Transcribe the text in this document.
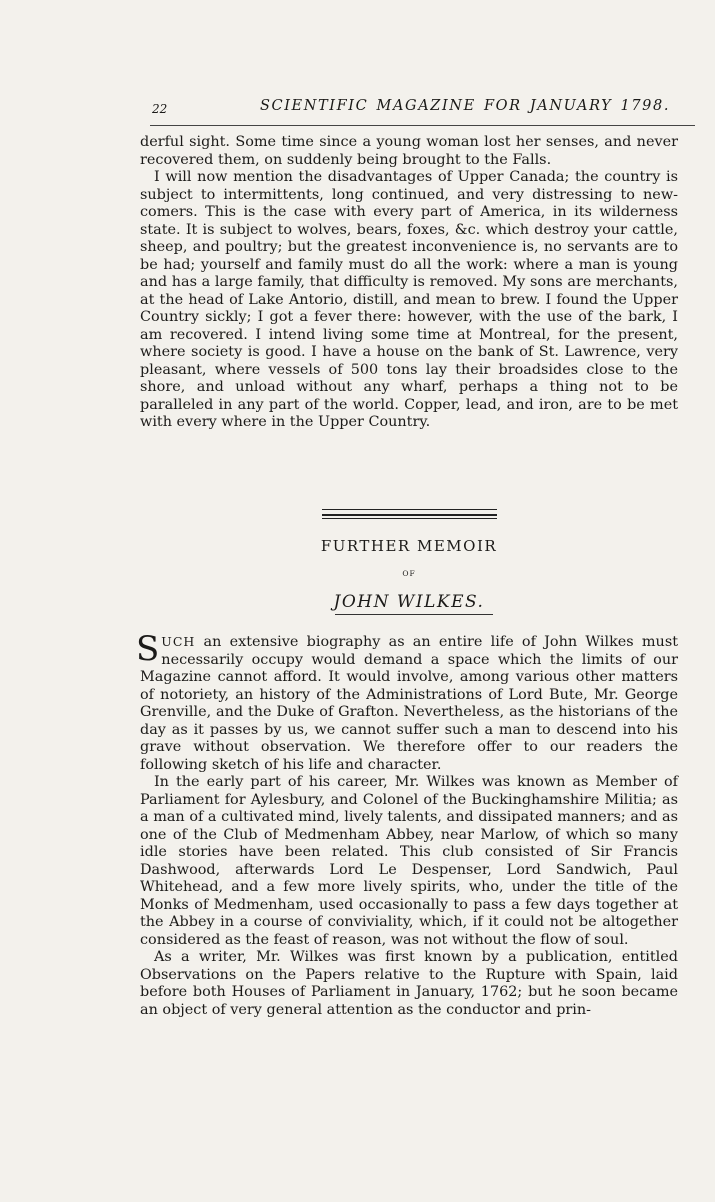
22	SCIENTIFIC MAGAZINE FOR JANUARY 1798.

derful sight. Some time since a young woman lost her senses, and never recovered them, on suddenly being brought to the Falls.

I will now mention the disadvantages of Upper Canada; the country is subject to intermittents, long continued, and very distressing to new-comers. This is the case with every part of America, in its wilderness state. It is subject to wolves, bears, foxes, &c. which destroy your cattle, sheep, and poultry; but the greatest inconvenience is, no servants are to be had; yourself and family must do all the work: where a man is young and has a large family, that difficulty is removed. My sons are merchants, at the head of Lake Antorio, distill, and mean to brew. I found the Upper Country sickly; I got a fever there: however, with the use of the bark, I am recovered. I intend living some time at Montreal, for the present, where society is good. I have a house on the bank of St. Lawrence, very pleasant, where vessels of 500 tons lay their broadsides close to the shore, and unload without any wharf, perhaps a thing not to be paralleled in any part of the world. Copper, lead, and iron, are to be met with every where in the Upper Country.

FURTHER MEMOIR
OF
JOHN WILKES.

SUCH an extensive biography as an entire life of John Wilkes must necessarily occupy would demand a space which the limits of our Magazine cannot afford. It would involve, among various other matters of notoriety, an history of the Administrations of Lord Bute, Mr. George Grenville, and the Duke of Grafton. Nevertheless, as the historians of the day as it passes by us, we cannot suffer such a man to descend into his grave without observation. We therefore offer to our readers the following sketch of his life and character.

In the early part of his career, Mr. Wilkes was known as Member of Parliament for Aylesbury, and Colonel of the Buckinghamshire Militia; as a man of a cultivated mind, lively talents, and dissipated manners; and as one of the Club of Medmenham Abbey, near Marlow, of which so many idle stories have been related. This club consisted of Sir Francis Dashwood, afterwards Lord Le Despenser, Lord Sandwich, Paul Whitehead, and a few more lively spirits, who, under the title of the Monks of Medmenham, used occasionally to pass a few days together at the Abbey in a course of conviviality, which, if it could not be altogether considered as the feast of reason, was not without the flow of soul.

As a writer, Mr. Wilkes was first known by a publication, entitled Observations on the Papers relative to the Rupture with Spain, laid before both Houses of Parliament in January, 1762; but he soon became an object of very general attention as the conductor and prin-
